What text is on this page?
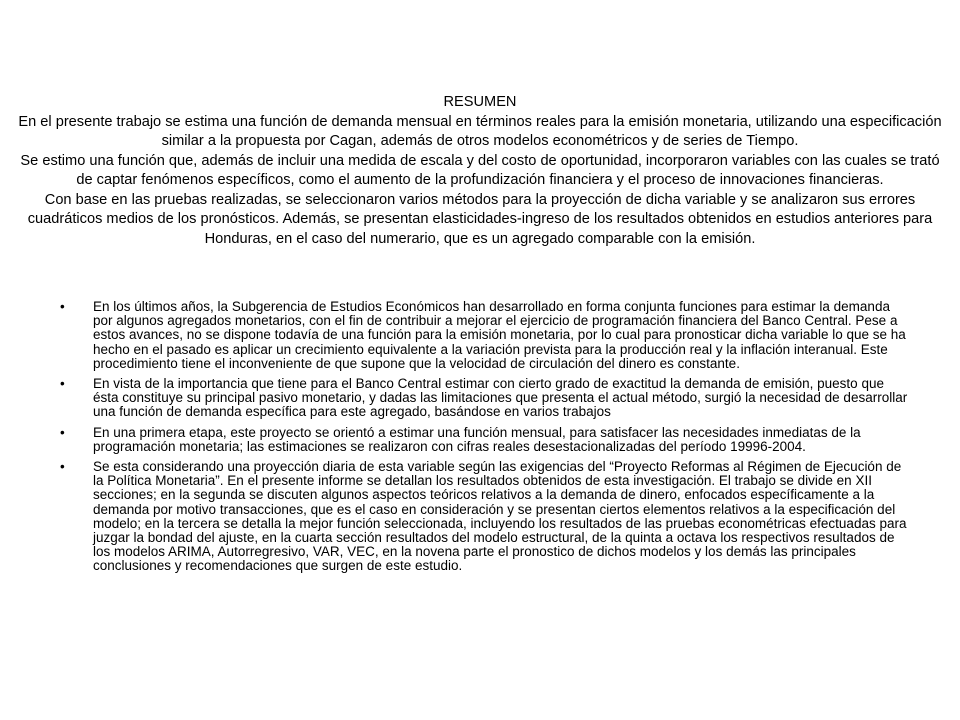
RESUMEN

En el presente trabajo se estima una función de demanda mensual en términos reales para la emisión monetaria, utilizando una especificación similar a la propuesta por Cagan, además de otros modelos econométricos y de series de Tiempo.

Se estimo una función que, además de incluir una medida de escala y del costo de oportunidad, incorporaron variables con las cuales se trató de captar fenómenos específicos, como el aumento de la profundización financiera y el proceso de innovaciones financieras.

Con base en las pruebas realizadas, se seleccionaron varios métodos para la proyección de dicha variable y se analizaron sus errores cuadráticos medios de los pronósticos. Además, se presentan elasticidades-ingreso de los resultados obtenidos en estudios anteriores para Honduras, en el caso del numerario, que es un agregado comparable con la emisión.

•	En los últimos años, la Subgerencia de Estudios Económicos han desarrollado en forma conjunta funciones para estimar la demanda por algunos agregados monetarios, con el fin de contribuir a mejorar el ejercicio de programación financiera del Banco Central. Pese a estos avances, no se dispone todavía de una función para la emisión monetaria, por lo cual para pronosticar dicha variable lo que se ha hecho en el pasado es aplicar un crecimiento equivalente a la variación prevista para la producción real y la inflación interanual. Este procedimiento tiene el inconveniente de que supone que la velocidad de circulación del dinero es constante.
•	En vista de la importancia que tiene para el Banco Central estimar con cierto grado de exactitud la demanda de emisión, puesto que ésta constituye su principal pasivo monetario, y dadas las limitaciones que presenta el actual método, surgió la necesidad de desarrollar una función de demanda específica para este agregado, basándose en varios trabajos
•	En una primera etapa, este proyecto se orientó a estimar una función mensual, para satisfacer las necesidades inmediatas de la programación monetaria; las estimaciones se realizaron con cifras reales desestacionalizadas del período 19996-2004.
•	Se esta considerando una proyección diaria de esta variable según las exigencias del “Proyecto Reformas al Régimen de Ejecución de la Política Monetaria”. En el presente informe se detallan los resultados obtenidos de esta investigación. El trabajo se divide en XII secciones; en la segunda se discuten algunos aspectos teóricos relativos a la demanda de dinero, enfocados específicamente a la demanda por motivo transacciones, que es el caso en consideración y se presentan ciertos elementos relativos a la especificación del modelo; en la tercera se detalla la mejor función seleccionada, incluyendo los resultados de las pruebas econométricas efectuadas para juzgar la bondad del ajuste, en la cuarta sección resultados del modelo estructural, de la quinta a octava los respectivos resultados de los modelos ARIMA, Autorregresivo, VAR, VEC, en la novena parte el pronostico de dichos modelos y los demás las principales conclusiones y recomendaciones que surgen de este estudio.
